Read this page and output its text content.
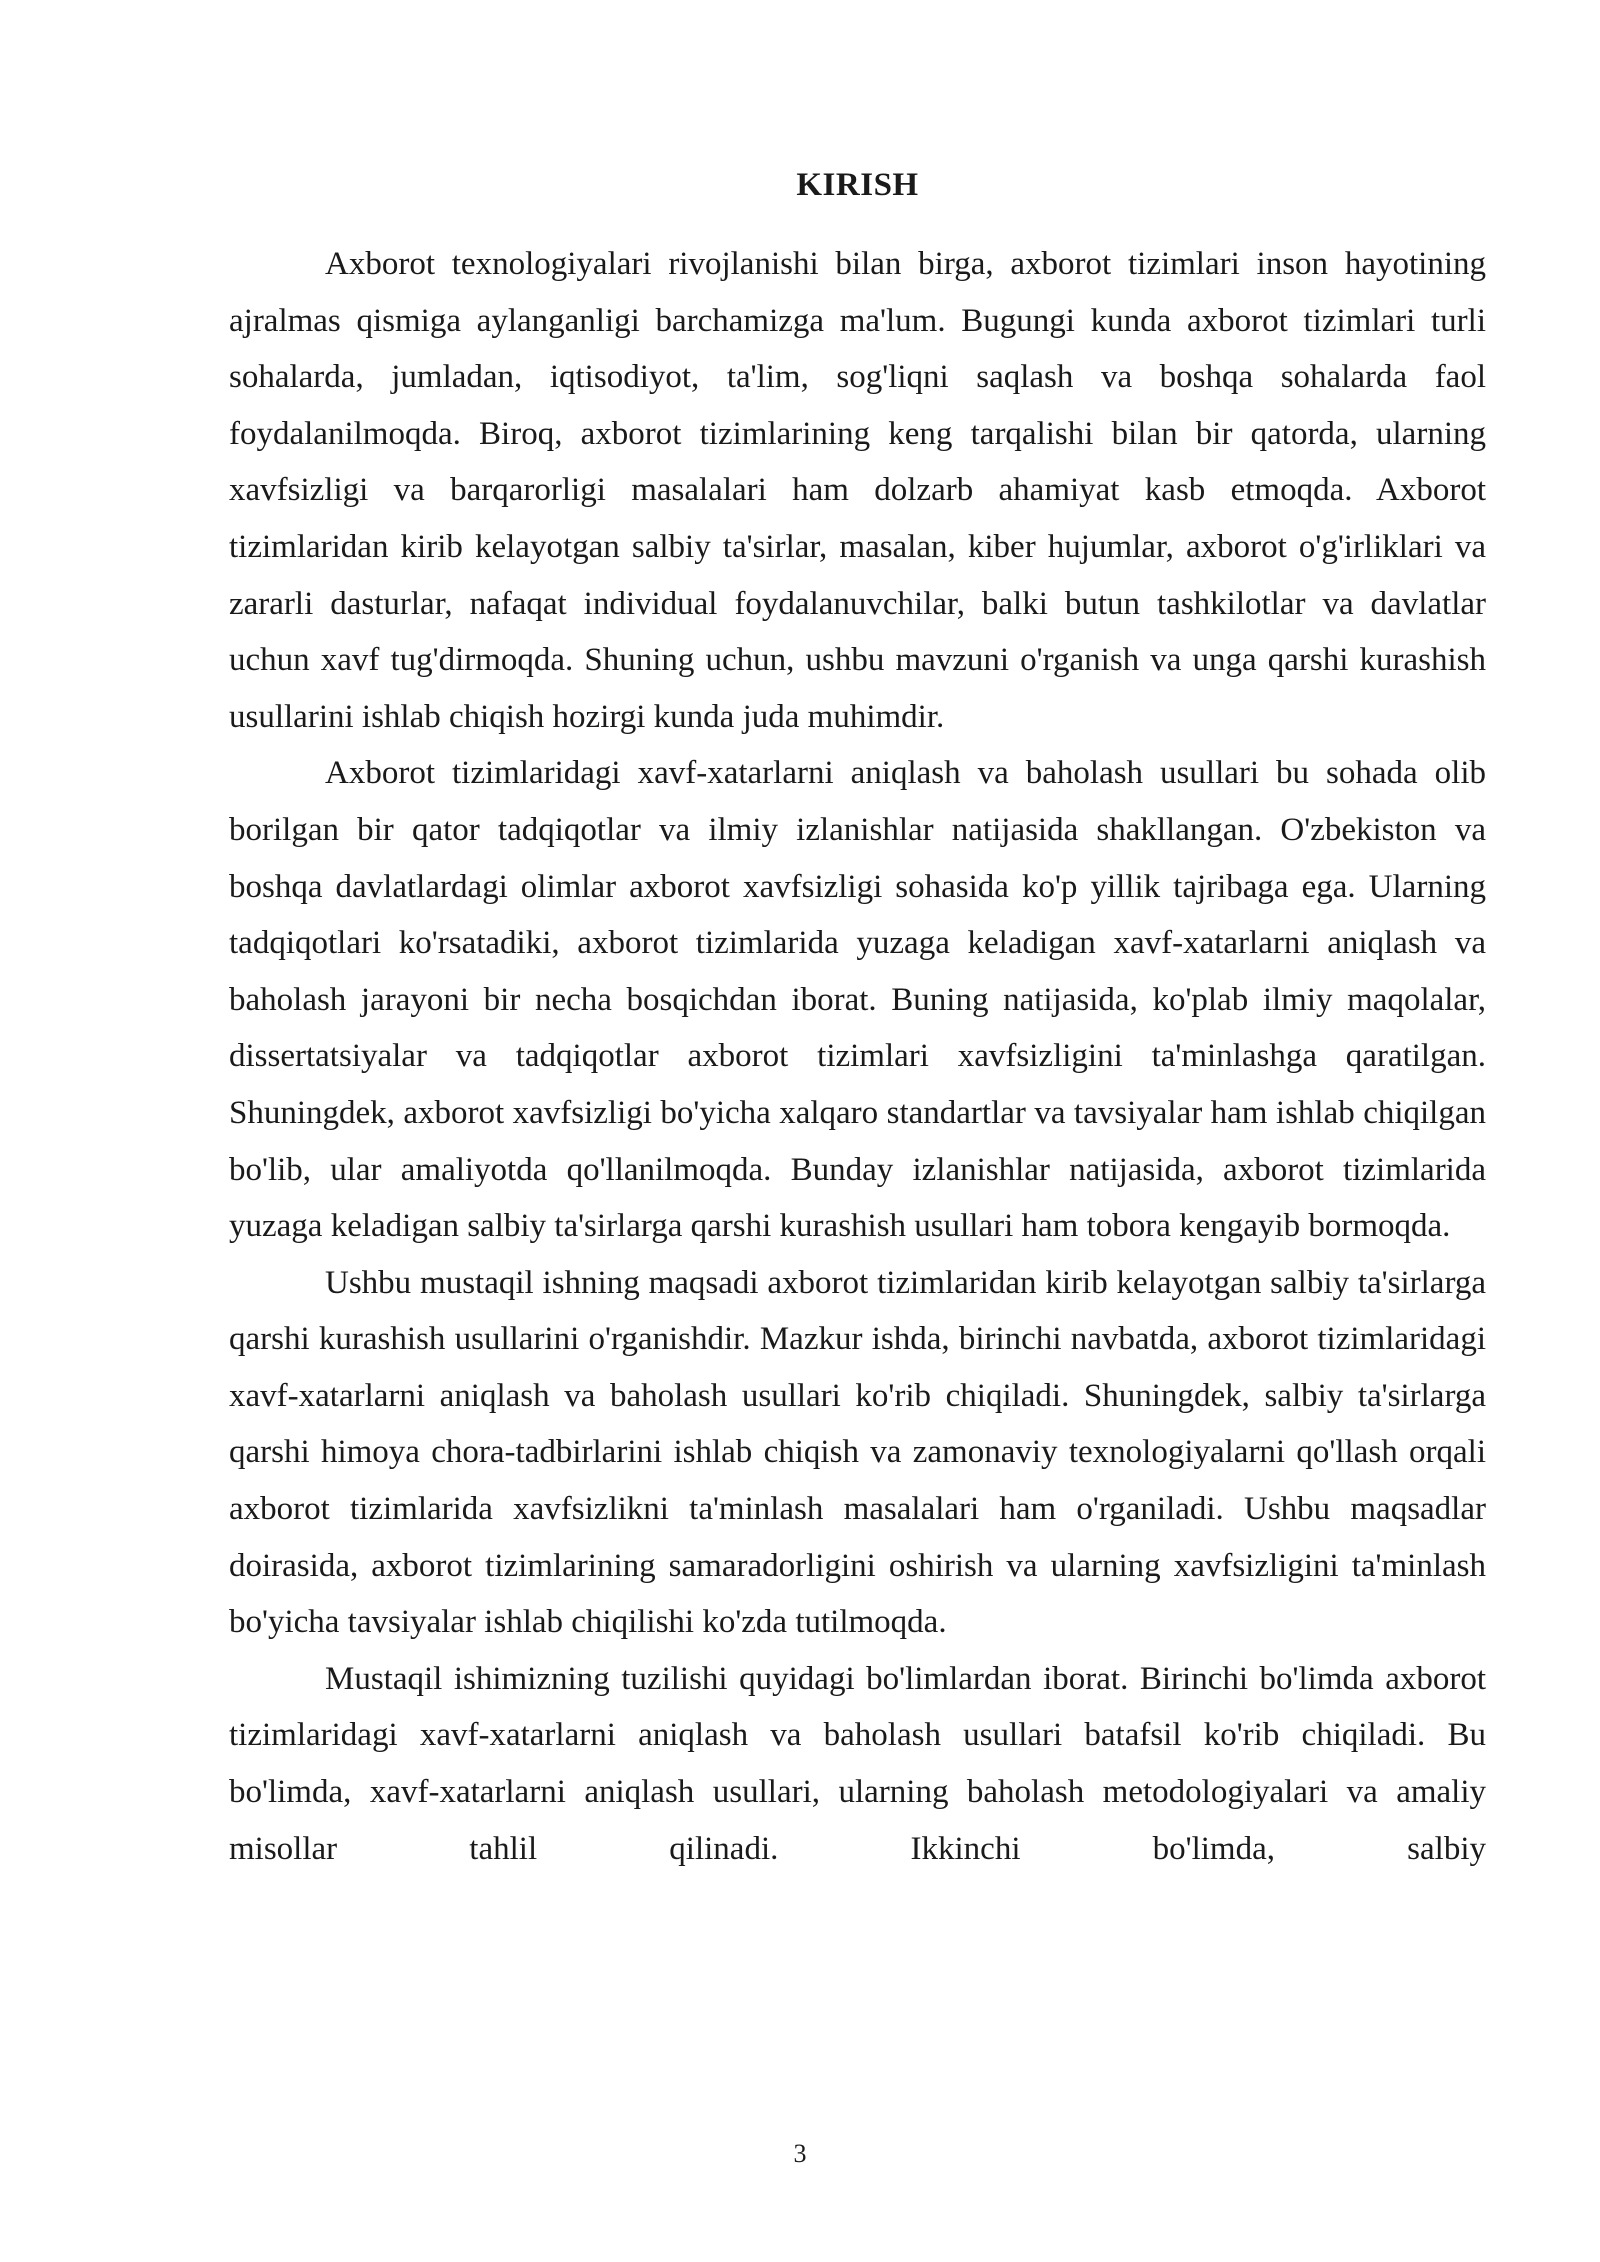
KIRISH

Axborot texnologiyalari rivojlanishi bilan birga, axborot tizimlari inson hayotining ajralmas qismiga aylanganligi barchamizga ma'lum. Bugungi kunda axborot tizimlari turli sohalarda, jumladan, iqtisodiyot, ta'lim, sog'liqni saqlash va boshqa sohalarda faol foydalanilmoqda. Biroq, axborot tizimlarining keng tarqalishi bilan bir qatorda, ularning xavfsizligi va barqarorligi masalalari ham dolzarb ahamiyat kasb etmoqda. Axborot tizimlaridan kirib kelayotgan salbiy ta'sirlar, masalan, kiber hujumlar, axborot o'g'irliklari va zararli dasturlar, nafaqat individual foydalanuvchilar, balki butun tashkilotlar va davlatlar uchun xavf tug'dirmoqda. Shuning uchun, ushbu mavzuni o'rganish va unga qarshi kurashish usullarini ishlab chiqish hozirgi kunda juda muhimdir.

Axborot tizimlaridagi xavf-xatarlarni aniqlash va baholash usullari bu sohada olib borilgan bir qator tadqiqotlar va ilmiy izlanishlar natijasida shakllangan. O'zbekiston va boshqa davlatlardagi olimlar axborot xavfsizligi sohasida ko'p yillik tajribaga ega. Ularning tadqiqotlari ko'rsatadiki, axborot tizimlarida yuzaga keladigan xavf-xatarlarni aniqlash va baholash jarayoni bir necha bosqichdan iborat. Buning natijasida, ko'plab ilmiy maqolalar, dissertatsiyalar va tadqiqotlar axborot tizimlari xavfsizligini ta'minlashga qaratilgan. Shuningdek, axborot xavfsizligi bo'yicha xalqaro standartlar va tavsiyalar ham ishlab chiqilgan bo'lib, ular amaliyotda qo'llanilmoqda. Bunday izlanishlar natijasida, axborot tizimlarida yuzaga keladigan salbiy ta'sirlarga qarshi kurashish usullari ham tobora kengayib bormoqda.

Ushbu mustaqil ishning maqsadi axborot tizimlaridan kirib kelayotgan salbiy ta'sirlarga qarshi kurashish usullarini o'rganishdir. Mazkur ishda, birinchi navbatda, axborot tizimlaridagi xavf-xatarlarni aniqlash va baholash usullari ko'rib chiqiladi. Shuningdek, salbiy ta'sirlarga qarshi himoya chora-tadbirlarini ishlab chiqish va zamonaviy texnologiyalarni qo'llash orqali axborot tizimlarida xavfsizlikni ta'minlash masalalari ham o'rganiladi. Ushbu maqsadlar doirasida, axborot tizimlarining samaradorligini oshirish va ularning xavfsizligini ta'minlash bo'yicha tavsiyalar ishlab chiqilishi ko'zda tutilmoqda.

Mustaqil ishimizning tuzilishi quyidagi bo'limlardan iborat. Birinchi bo'limda axborot tizimlaridagi xavf-xatarlarni aniqlash va baholash usullari batafsil ko'rib chiqiladi. Bu bo'limda, xavf-xatarlarni aniqlash usullari, ularning baholash metodologiyalari va amaliy misollar tahlil qilinadi. Ikkinchi bo'limda, salbiy

3
